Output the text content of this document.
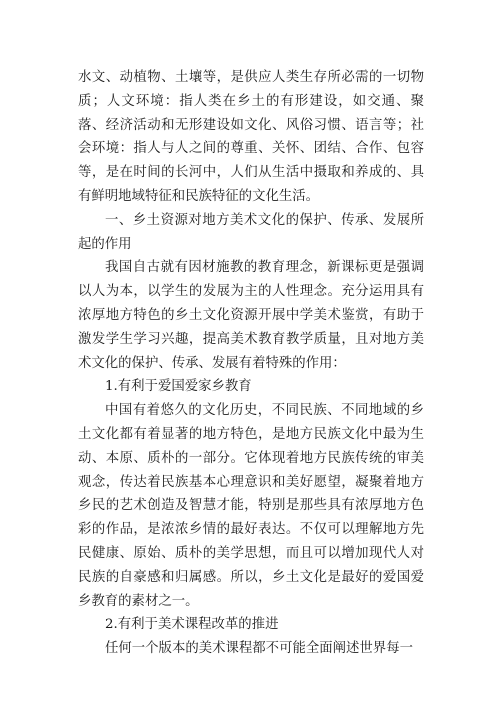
水文、动植物、土壤等，是供应人类生存所必需的一切物质；人文环境：指人类在乡土的有形建设，如交通、聚落、经济活动和无形建设如文化、风俗习惯、语言等；社会环境：指人与人之间的尊重、关怀、团结、合作、包容等，是在时间的长河中，人们从生活中摄取和养成的、具有鲜明地域特征和民族特征的文化生活。

一、乡土资源对地方美术文化的保护、传承、发展所起的作用

我国自古就有因材施教的教育理念，新课标更是强调以人为本，以学生的发展为主的人性理念。充分运用具有浓厚地方特色的乡土文化资源开展中学美术鉴赏，有助于激发学生学习兴趣，提高美术教育教学质量，且对地方美术文化的保护、传承、发展有着特殊的作用：

1.有利于爱国爱家乡教育

中国有着悠久的文化历史，不同民族、不同地域的乡土文化都有着显著的地方特色，是地方民族文化中最为生动、本原、质朴的一部分。它体现着地方民族传统的审美观念，传达着民族基本心理意识和美好愿望，凝聚着地方乡民的艺术创造及智慧才能，特别是那些具有浓厚地方色彩的作品，是浓浓乡情的最好表达。不仅可以理解地方先民健康、原始、质朴的美学思想，而且可以增加现代人对民族的自豪感和归属感。所以，乡土文化是最好的爱国爱乡教育的素材之一。

2.有利于美术课程改革的推进

任何一个版本的美术课程都不可能全面阐述世界每一
